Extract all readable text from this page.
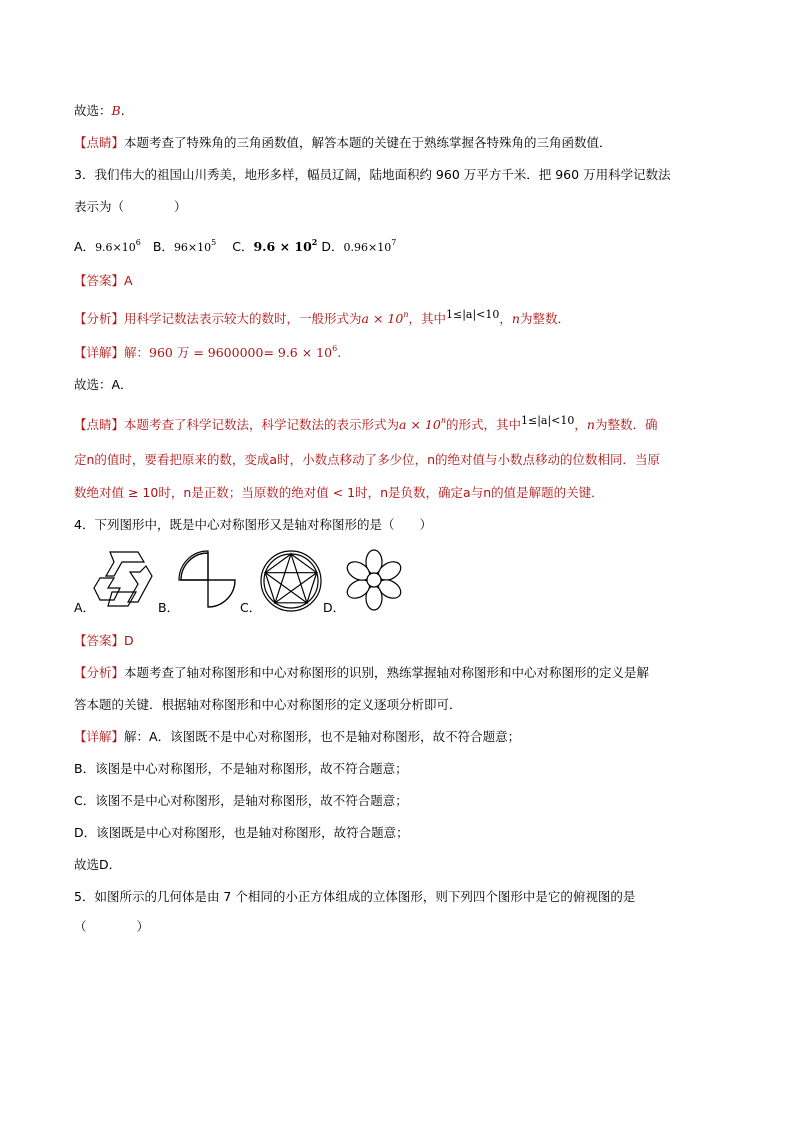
故选：B.
【点睛】本题考查了特殊角的三角函数值，解答本题的关键在于熟练掌握各特殊角的三角函数值．
3．我们伟大的祖国山川秀美，地形多样，幅员辽阔，陆地面积约 960 万平方千米．把 960 万用科学记数法
表示为（　　　　）
A．$9.6\times 10^6$ B．$96\times 10^5$ C．$9.6 \times 10^2$ D．$0.96\times 10^7$
【答案】A
【分析】用科学记数法表示较大的数时，一般形式为$a \times 10^n$，其中1≤|a|<10，n为整数．
【详解】解：960 万 = $9600000= 9.6 \times 10^6$.
故选：A．
【点睛】本题考查了科学记数法，科学记数法的表示形式为$a \times 10^n$的形式，其中1≤|a|<10，n为整数．确
定n的值时，要看把原来的数，变成a时，小数点移动了多少位，n的绝对值与小数点移动的位数相同．当原
数绝对值 ≥ 10时，n是正数；当原数的绝对值 < 1时，n是负数，确定a与n的值是解题的关键．
4．下列图形中，既是中心对称图形又是轴对称图形的是（　　）
A．	B．	C．	D．
【答案】D
【分析】本题考查了轴对称图形和中心对称图形的识别，熟练掌握轴对称图形和中心对称图形的定义是解
答本题的关键．根据轴对称图形和中心对称图形的定义逐项分析即可．
【详解】解：A．该图既不是中心对称图形，也不是轴对称图形，故不符合题意；
B．该图是中心对称图形，不是轴对称图形，故不符合题意；
C．该图不是中心对称图形，是轴对称图形，故不符合题意；
D．该图既是中心对称图形，也是轴对称图形，故符合题意；
故选D．
5．如图所示的几何体是由 7 个相同的小正方体组成的立体图形，则下列四个图形中是它的俯视图的是
（　　　　）
